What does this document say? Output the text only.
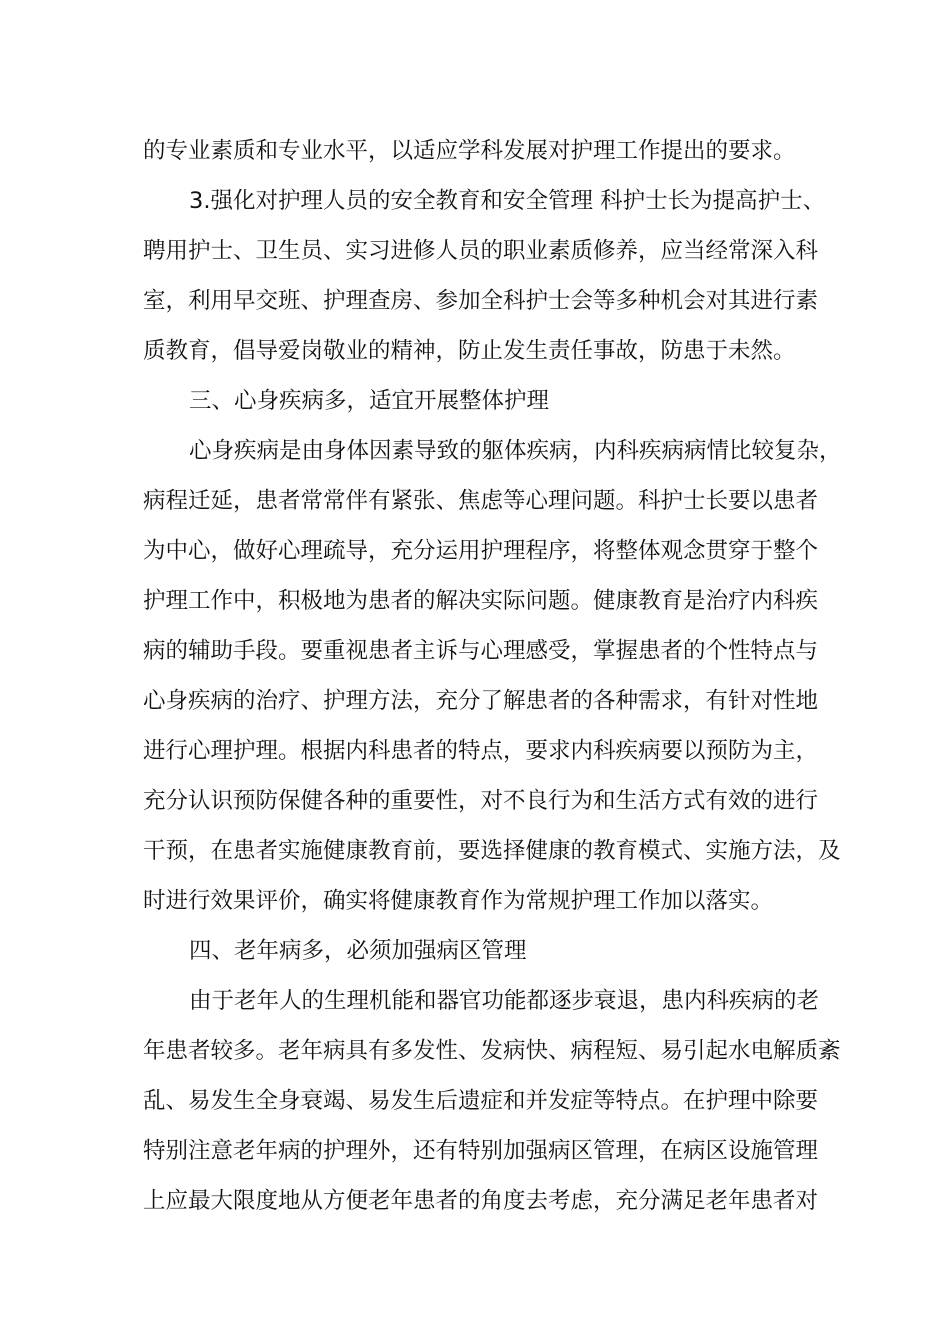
的专业素质和专业水平，以适应学科发展对护理工作提出的要求。
3.强化对护理人员的安全教育和安全管理 科护士长为提高护士、
聘用护士、卫生员、实习进修人员的职业素质修养，应当经常深入科
室，利用早交班、护理查房、参加全科护士会等多种机会对其进行素
质教育，倡导爱岗敬业的精神，防止发生责任事故，防患于未然。
三、心身疾病多，适宜开展整体护理
心身疾病是由身体因素导致的躯体疾病，内科疾病病情比较复杂，
病程迁延，患者常常伴有紧张、焦虑等心理问题。科护士长要以患者
为中心，做好心理疏导，充分运用护理程序，将整体观念贯穿于整个
护理工作中，积极地为患者的解决实际问题。健康教育是治疗内科疾
病的辅助手段。要重视患者主诉与心理感受，掌握患者的个性特点与
心身疾病的治疗、护理方法，充分了解患者的各种需求，有针对性地
进行心理护理。根据内科患者的特点，要求内科疾病要以预防为主，
充分认识预防保健各种的重要性，对不良行为和生活方式有效的进行
干预，在患者实施健康教育前，要选择健康的教育模式、实施方法，及
时进行效果评价，确实将健康教育作为常规护理工作加以落实。
四、老年病多，必须加强病区管理
由于老年人的生理机能和器官功能都逐步衰退，患内科疾病的老
年患者较多。老年病具有多发性、发病快、病程短、易引起水电解质紊
乱、易发生全身衰竭、易发生后遗症和并发症等特点。在护理中除要
特别注意老年病的护理外，还有特别加强病区管理，在病区设施管理
上应最大限度地从方便老年患者的角度去考虑，充分满足老年患者对
